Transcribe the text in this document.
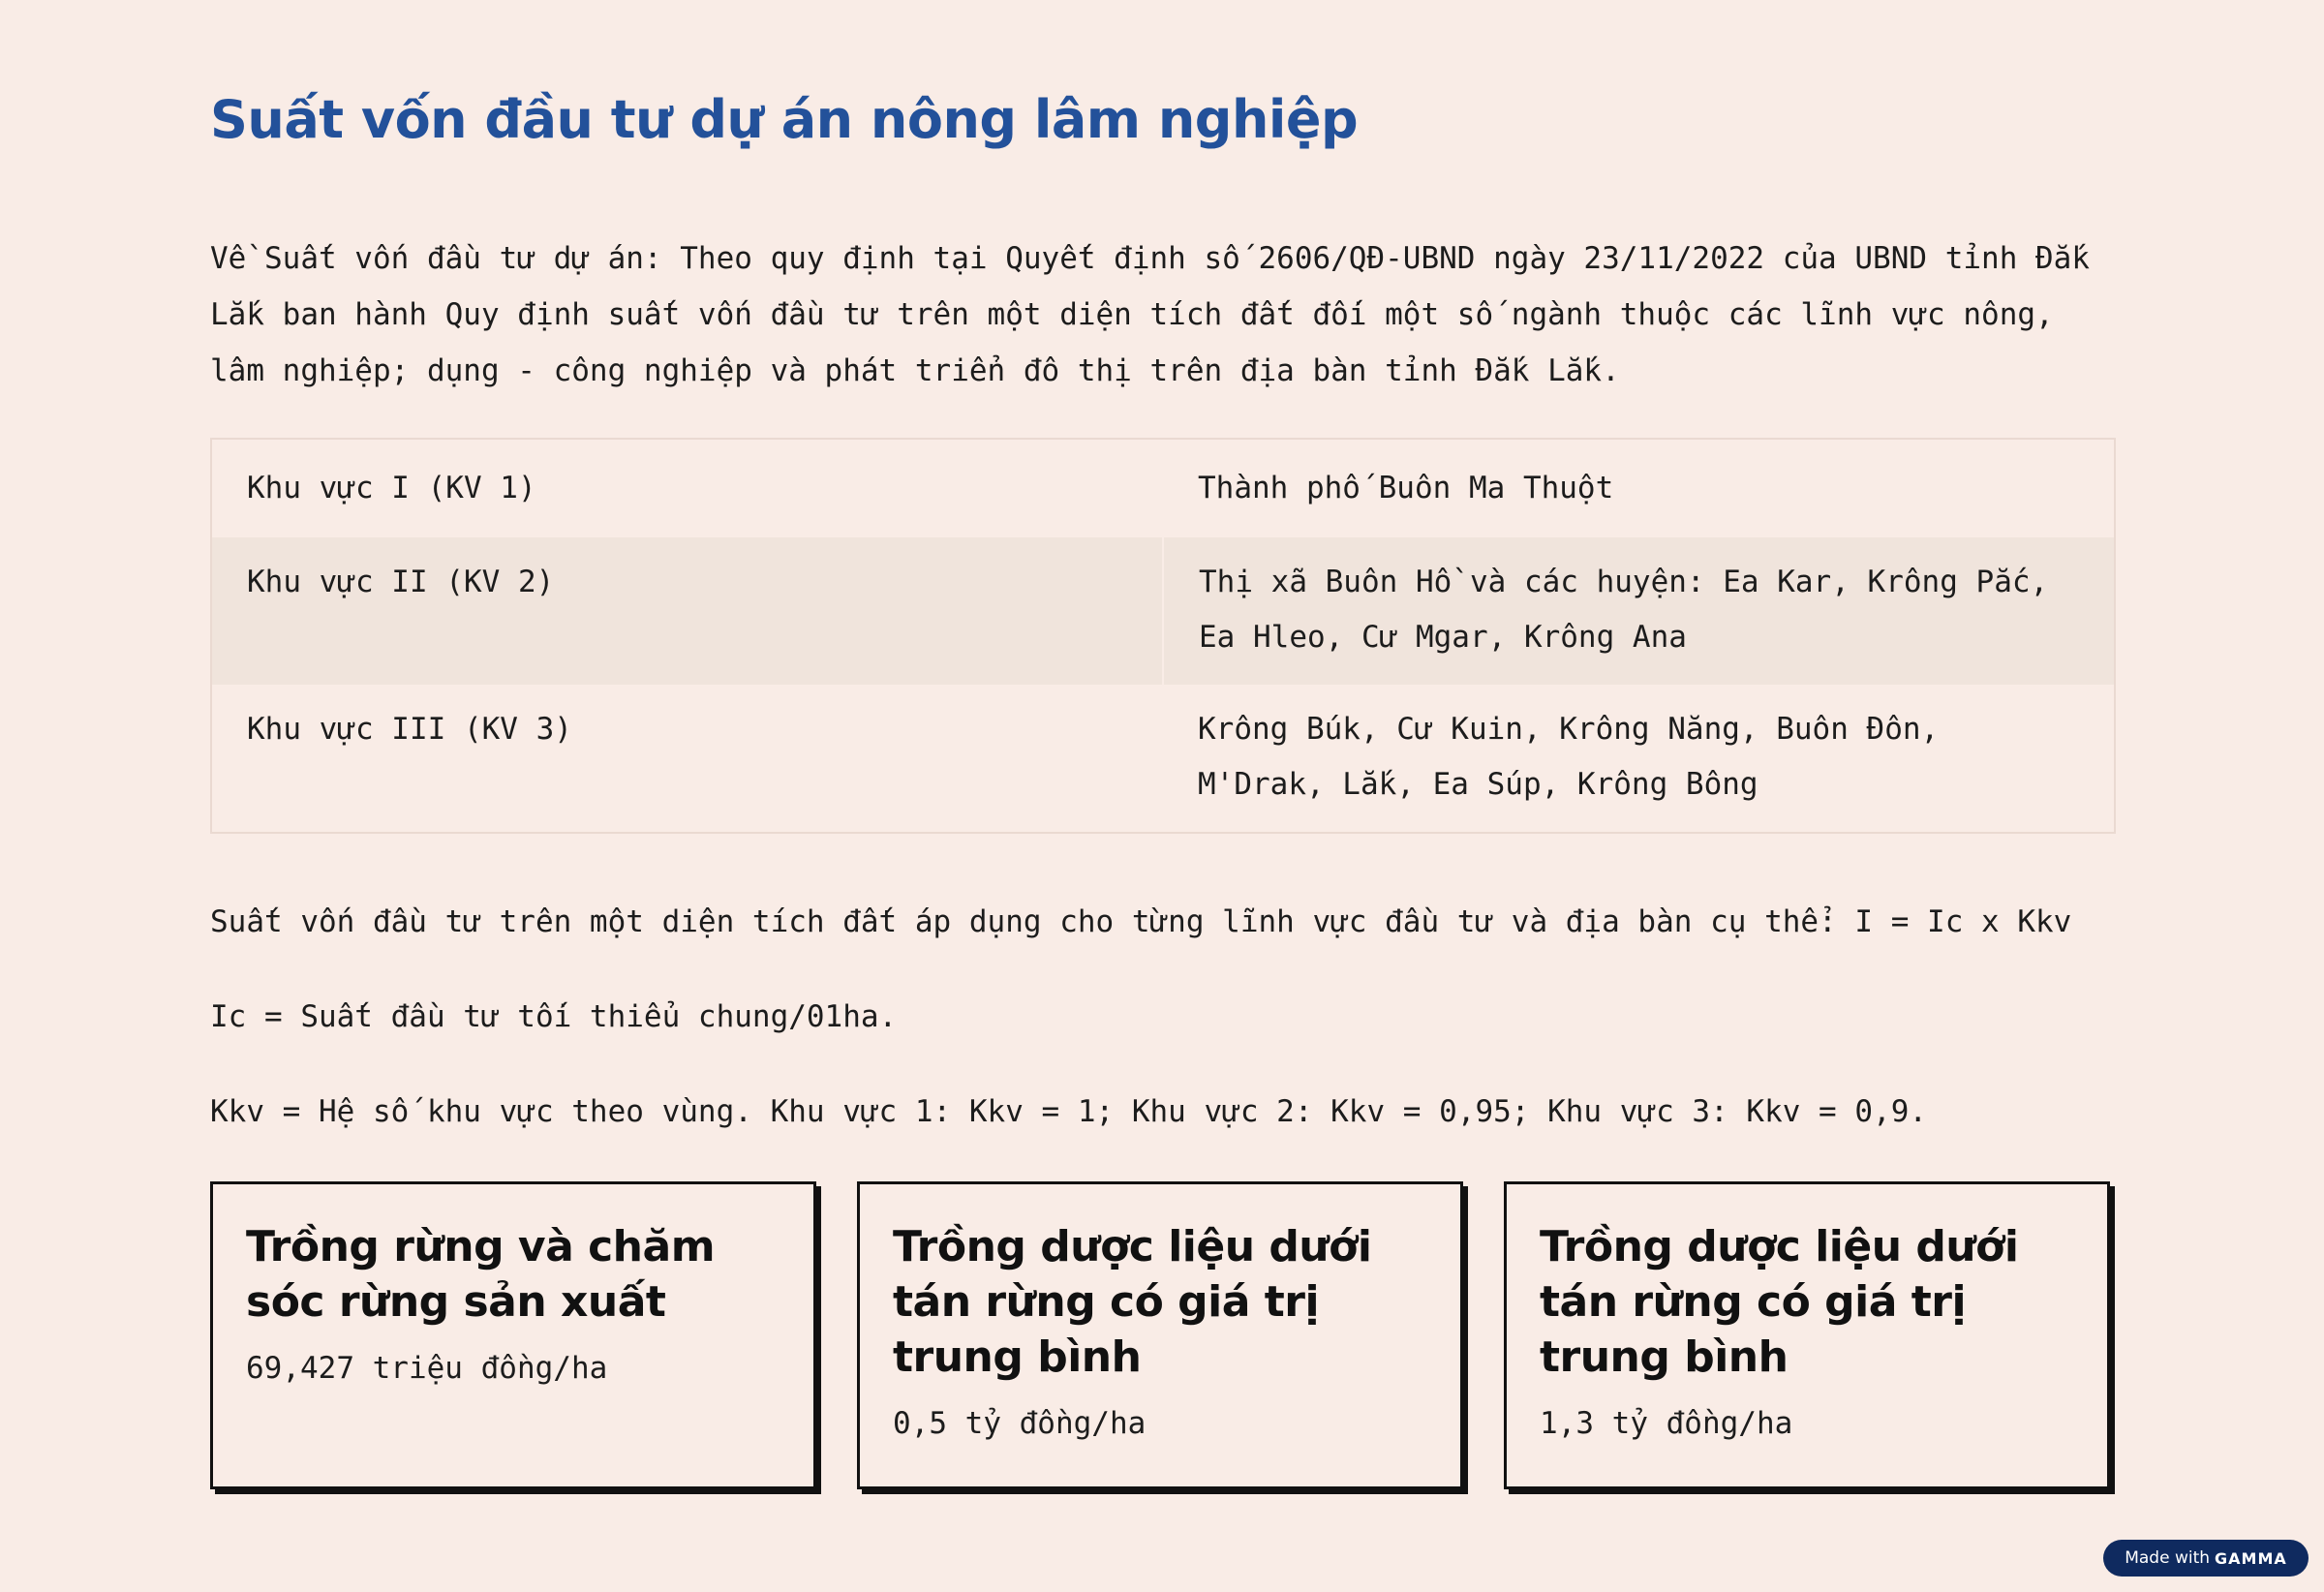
Suất vốn đầu tư dự án nông lâm nghiệp

Về Suất vốn đầu tư dự án: Theo quy định tại Quyết định số 2606/QĐ-UBND ngày 23/11/2022 của UBND tỉnh Đắk Lắk ban hành Quy định suất vốn đầu tư trên một diện tích đất đối một số ngành thuộc các lĩnh vực nông, lâm nghiệp; dụng - công nghiệp và phát triển đô thị trên địa bàn tỉnh Đắk Lắk.

Khu vực I (KV 1)	Thành phố Buôn Ma Thuột
Khu vực II (KV 2)	Thị xã Buôn Hồ và các huyện: Ea Kar, Krông Pắc, Ea Hleo, Cư Mgar, Krông Ana
Khu vực III (KV 3)	Krông Búk, Cư Kuin, Krông Năng, Buôn Đôn, M'Drak, Lắk, Ea Súp, Krông Bông

Suất vốn đầu tư trên một diện tích đất áp dụng cho từng lĩnh vực đầu tư và địa bàn cụ thể: I = Ic x Kkv

Ic = Suất đầu tư tối thiểu chung/01ha.

Kkv = Hệ số khu vực theo vùng. Khu vực 1: Kkv = 1; Khu vực 2: Kkv = 0,95; Khu vực 3: Kkv = 0,9.

Trồng rừng và chăm sóc rừng sản xuất
69,427 triệu đồng/ha
Trồng dược liệu dưới tán rừng có giá trị trung bình
0,5 tỷ đồng/ha
Trồng dược liệu dưới tán rừng có giá trị trung bình
1,3 tỷ đồng/ha
Made with GAMMA
